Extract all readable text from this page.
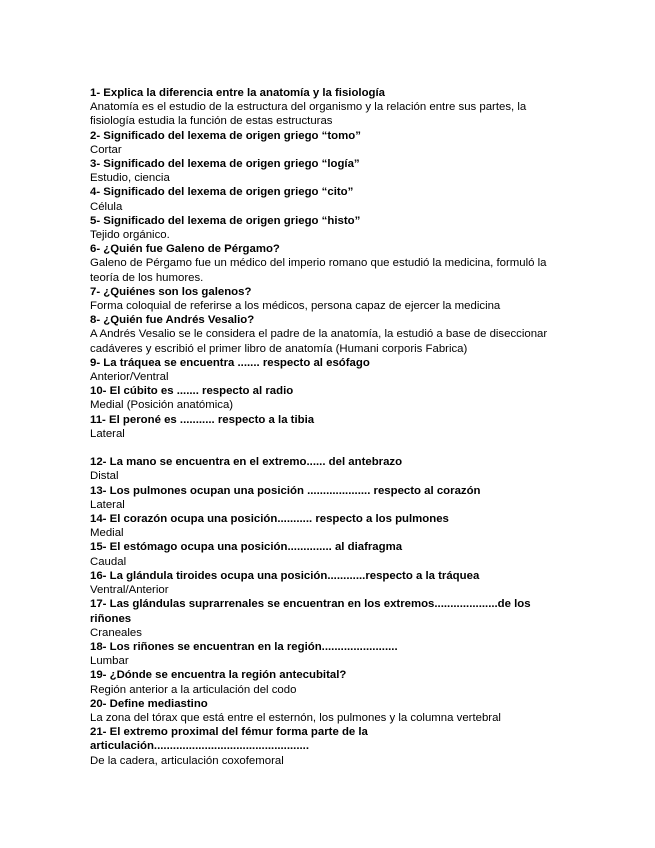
1- Explica la diferencia entre la anatomía y la fisiología

Anatomía es el estudio de la estructura del organismo y la relación entre sus partes, la fisiología estudia la función de estas estructuras

2- Significado del lexema de origen griego “tomo”

Cortar

3- Significado del lexema de origen griego “logía”

Estudio, ciencia

4- Significado del lexema de origen griego “cito”

Célula

5- Significado del lexema de origen griego “histo”

Tejido orgánico.

6- ¿Quién fue Galeno de Pérgamo?

Galeno de Pérgamo fue un médico del imperio romano que estudió la medicina, formuló la teoría de los humores.

7- ¿Quiénes son los galenos?

Forma coloquial de referirse a los médicos, persona capaz de ejercer la medicina

8- ¿Quién fue Andrés Vesalio?

A Andrés Vesalio se le considera el padre de la anatomía, la estudió a base de diseccionar cadáveres y escribió el primer libro de anatomía (Humani corporis Fabrica)

9- La tráquea se encuentra ....... respecto al esófago

Anterior/Ventral

10- El cúbito es ....... respecto al radio

Medial (Posición anatómica)

11- El peroné es ........... respecto a la tibia

Lateral

12- La mano se encuentra en el extremo...... del antebrazo

Distal

13- Los pulmones ocupan una posición .................... respecto al corazón

Lateral

14- El corazón ocupa una posición........... respecto a los pulmones

Medial

15- El estómago ocupa una posición.............. al diafragma

Caudal

16- La glándula tiroides ocupa una posición............respecto a la tráquea

Ventral/Anterior

17- Las glándulas suprarrenales se encuentran en los extremos....................de los riñones

Craneales

18- Los riñones se encuentran en la región........................

Lumbar

19- ¿Dónde se encuentra la región antecubital?

Región anterior a la articulación del codo

20- Define mediastino

La zona del tórax que está entre el esternón, los pulmones y la columna vertebral

21- El extremo proximal del fémur forma parte de la articulación.................................................

De la cadera, articulación coxofemoral
